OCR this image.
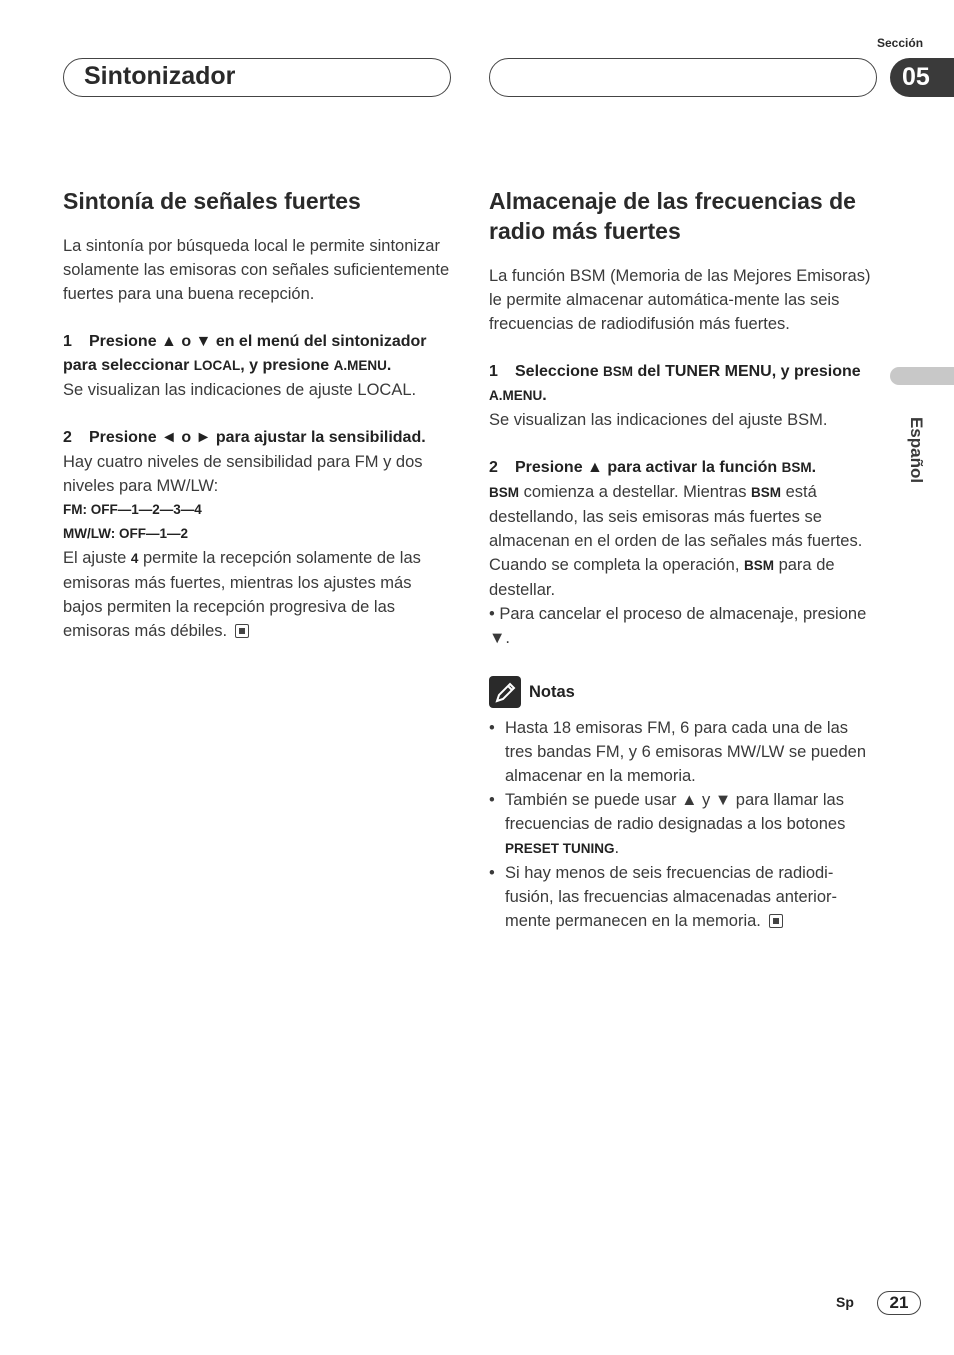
Sintonizador
Sección
05
Sintonía de señales fuertes

La sintonía por búsqueda local le permite sintonizar solamente las emisoras con señales suficientemente fuertes para una buena recepción.

1 Presione ▲ o ▼ en el menú del sintonizador para seleccionar LOCAL, y presione A.MENU.

Se visualizan las indicaciones de ajuste LOCAL.

2 Presione ◄ o ► para ajustar la sensibilidad.

Hay cuatro niveles de sensibilidad para FM y dos niveles para MW/LW:

FM: OFF—1—2—3—4
MW/LW: OFF—1—2

El ajuste 4 permite la recepción solamente de las emisoras más fuertes, mientras los ajustes más bajos permiten la recepción progresiva de las emisoras más débiles.

Almacenaje de las frecuencias de radio más fuertes

La función BSM (Memoria de las Mejores Emisoras) le permite almacenar automática-mente las seis frecuencias de radiodifusión más fuertes.

1 Seleccione BSM del TUNER MENU, y presione A.MENU.

Se visualizan las indicaciones del ajuste BSM.

2 Presione ▲ para activar la función BSM.

BSM comienza a destellar. Mientras BSM está destellando, las seis emisoras más fuertes se almacenan en el orden de las señales más fuertes. Cuando se completa la operación, BSM para de destellar.

• Para cancelar el proceso de almacenaje, presione ▼.

Notas
• Hasta 18 emisoras FM, 6 para cada una de las tres bandas FM, y 6 emisoras MW/LW se pueden almacenar en la memoria.
• También se puede usar ▲ y ▼ para llamar las frecuencias de radio designadas a los botones PRESET TUNING.
• Si hay menos de seis frecuencias de radiodi-fusión, las frecuencias almacenadas anterior-mente permanecen en la memoria.
Español
Sp	21
